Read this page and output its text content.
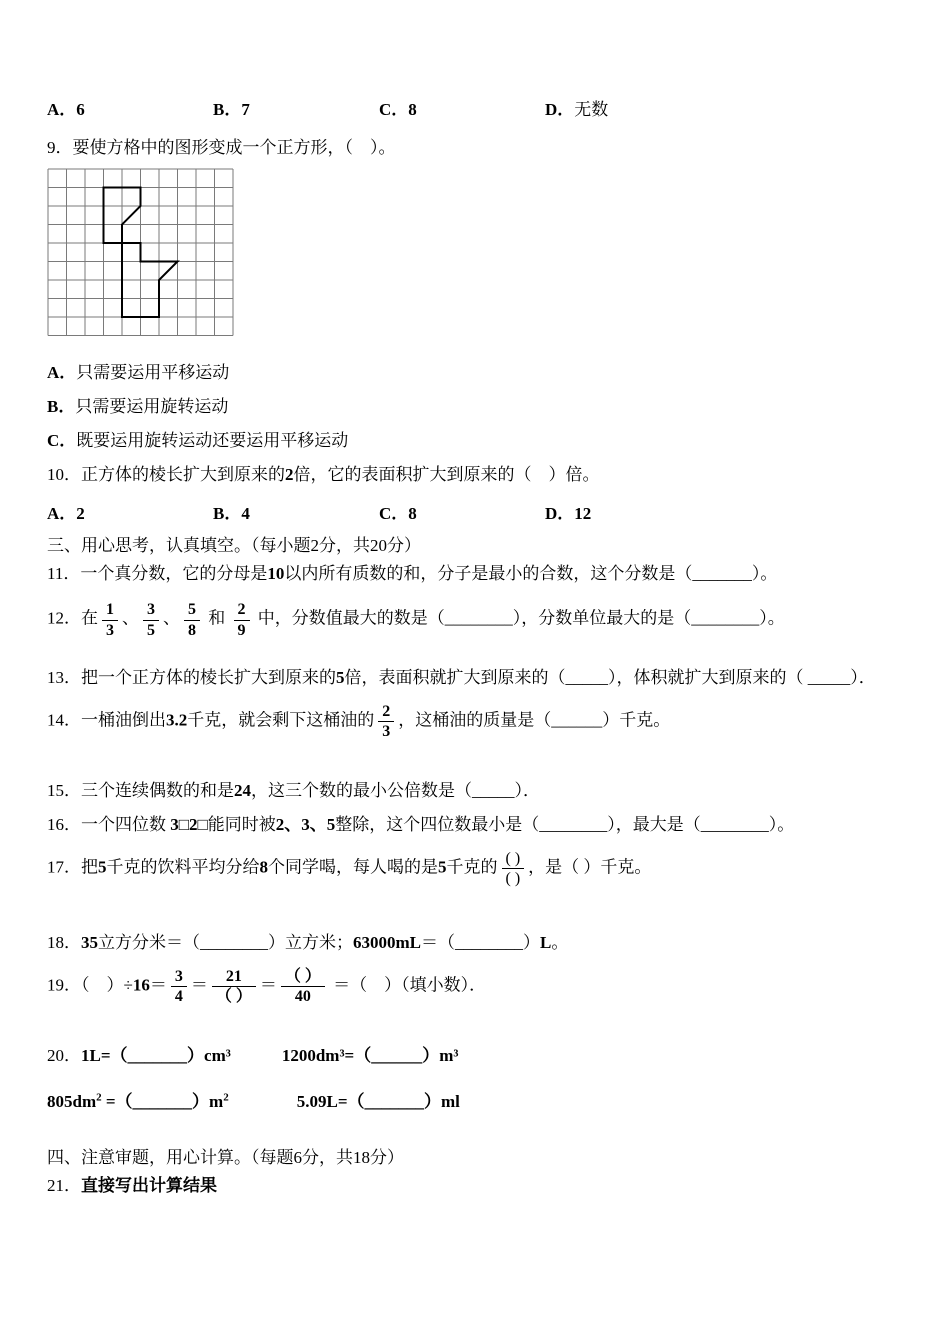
A．6	B．7	C．8	D．无数
9．要使方格中的图形变成一个正方形，（　）。
A．只需要运用平移运动
B．只需要运用旋转运动
C．既要运用旋转运动还要运用平移运动
10．正方体的棱长扩大到原来的2倍，它的表面积扩大到原来的（　）倍。
A．2	B．4	C．8	D．12
三、用心思考，认真填空。（每小题2分，共20分）
11．一个真分数，它的分母是10以内所有质数的和，分子是最小的合数，这个分数是（_______）。
12．在 $\frac{1}{3}$ 、 $\frac{3}{5}$ 、 $\frac{5}{8}$ 和 $\frac{2}{9}$ 中，分数值最大的数是（________），分数单位最大的是（________）。
13．把一个正方体的棱长扩大到原来的5倍，表面积就扩大到原来的（_____），体积就扩大到原来的（ _____）．
14．一桶油倒出3.2千克，就会剩下这桶油的 $\frac{2}{3}$ ，这桶油的质量是（______）千克。
15．三个连续偶数的和是24，这三个数的最小公倍数是（_____）．
16．一个四位数 3□2□能同时被2、3、5整除，这个四位数最小是（________），最大是（________）。
17．把5千克的饮料平均分给8个同学喝，每人喝的是5千克的 $\frac{( )}{( )}$ ，是（ ）千克。
18．35立方分米＝（________）立方米；63000mL＝（________）L。
19．（　）$\div 16= \frac{3}{4} = \frac{21}{( )} = \frac{( )}{40}$ ＝（　）（填小数）．
20．1L=（_______）cm³　　　	1200dm³=（______）m³
$805dm^2$ $=(\_\_\_\_\_\_\_)m^2$　　　　	5.09L=（_______）ml
四、注意审题，用心计算。（每题6分，共18分）
21．直接写出计算结果
